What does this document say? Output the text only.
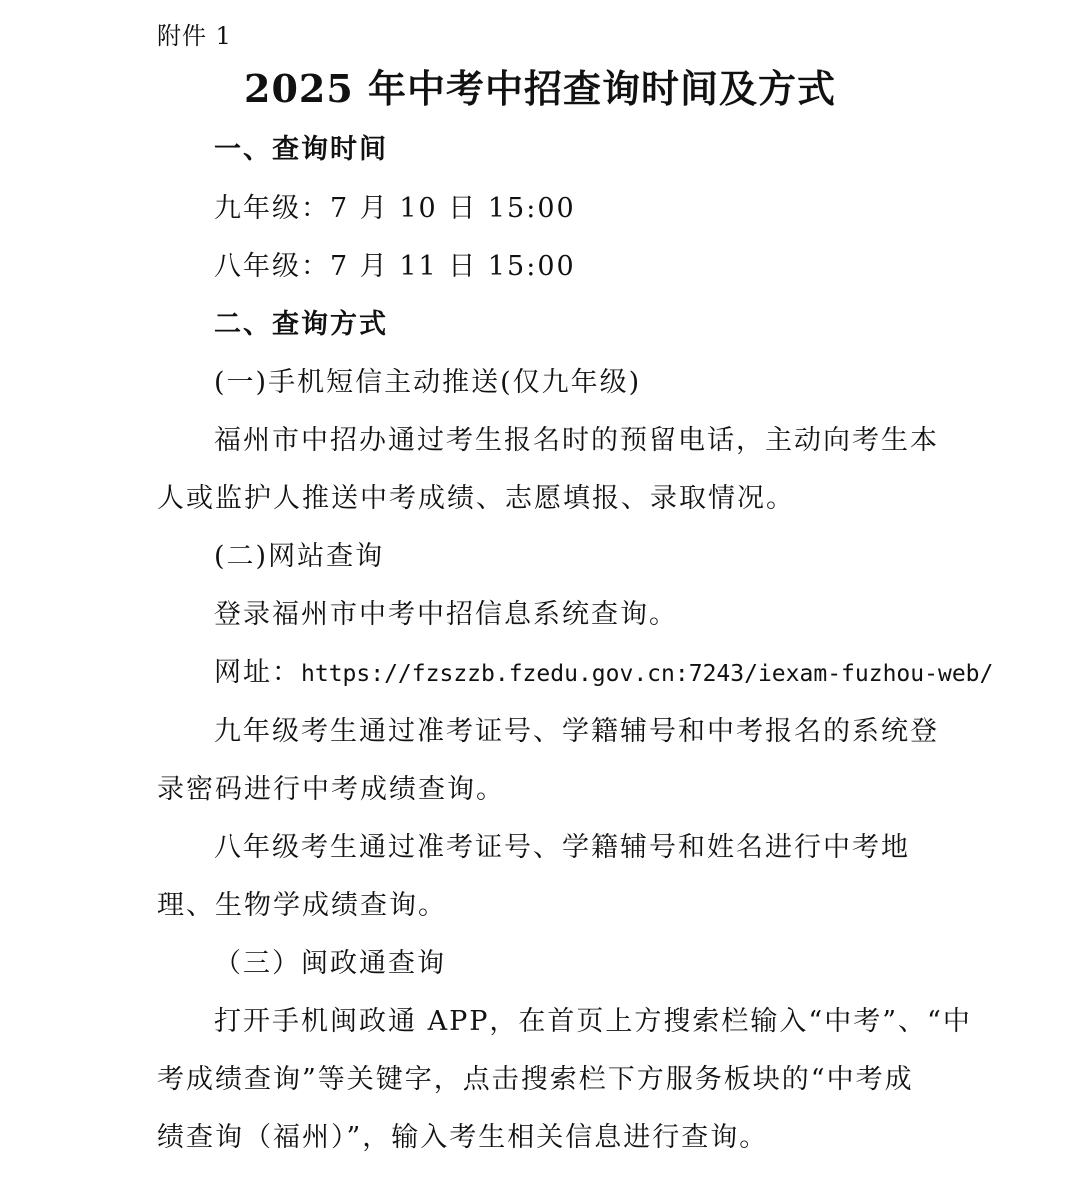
附件 1

2025 年中考中招查询时间及方式

一、查询时间

九年级：7 月 10 日 15:00

八年级：7 月 11 日 15:00

二、查询方式

(一)手机短信主动推送(仅九年级)

福州市中招办通过考生报名时的预留电话，主动向考生本

人或监护人推送中考成绩、志愿填报、录取情况。

(二)网站查询

登录福州市中考中招信息系统查询。

网址：https://fzszzb.fzedu.gov.cn:7243/iexam-fuzhou-web/

九年级考生通过准考证号、学籍辅号和中考报名的系统登

录密码进行中考成绩查询。

八年级考生通过准考证号、学籍辅号和姓名进行中考地

理、生物学成绩查询。

（三）闽政通查询

打开手机闽政通 APP，在首页上方搜索栏输入“中考”、“中

考成绩查询”等关键字，点击搜索栏下方服务板块的“中考成

绩查询（福州）”，输入考生相关信息进行查询。
